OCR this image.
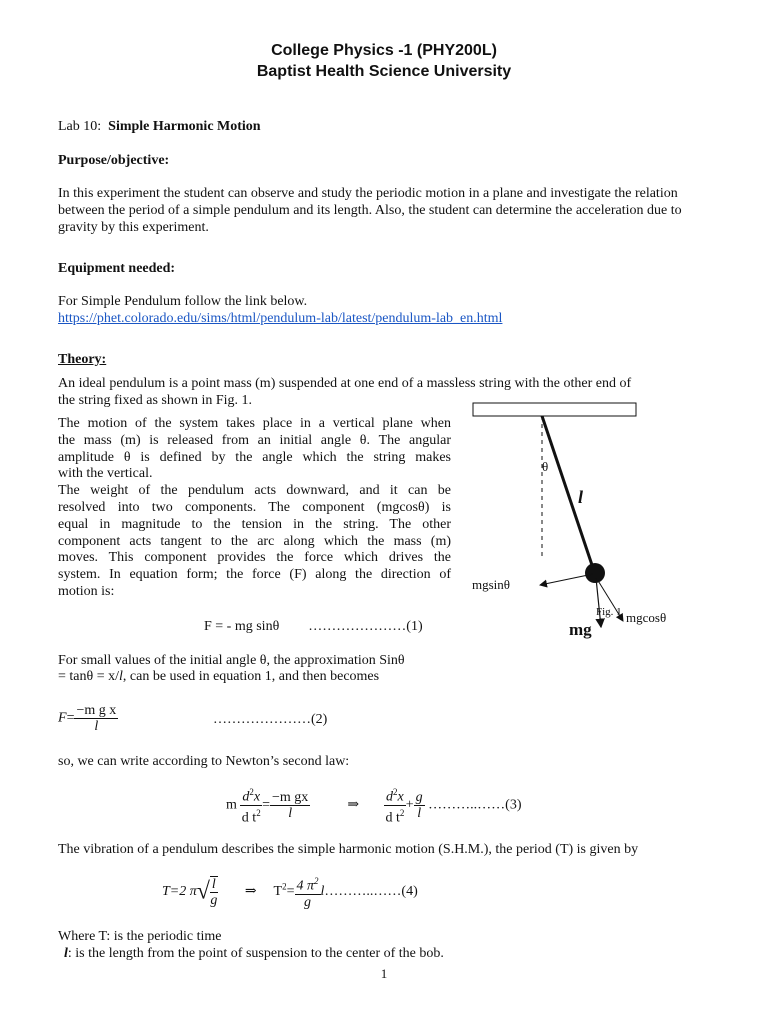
College Physics -1 (PHY200L)
Baptist Health Science University
Lab 10: Simple Harmonic Motion
Purpose/objective:
In this experiment the student can observe and study the periodic motion in a plane and investigate the relation between the period of a simple pendulum and its length. Also, the student can determine the acceleration due to gravity by this experiment.
Equipment needed:
For Simple Pendulum follow the link below.
https://phet.colorado.edu/sims/html/pendulum-lab/latest/pendulum-lab_en.html
Theory:
An ideal pendulum is a point mass (m) suspended at one end of a massless string with the other end of
the string fixed as shown in Fig. 1.
The motion of the system takes place in a vertical plane when
the mass (m) is released from an initial angle θ. The angular
amplitude θ is defined by the angle which the string makes
with the vertical.
The weight of the pendulum acts downward, and it can be
resolved into two components. The component (mgcosθ) is
equal in magnitude to the tension in the string. The other
component acts tangent to the arc along which the mass (m)
moves. This component provides the force which drives the
system. In equation form; the force (F) along the direction of
motion is:
F = - mg sinθ …………………(1)
For small values of the initial angle θ, the approximation Sinθ
= tanθ = x/l, can be used in equation 1, and then becomes
$F= \frac{\text{−m g x}}{l}$	…………………(2)
so, we can write according to Newton’s second law:
m $\frac{d^2x}{d t^2} = \frac{\text{−m gx}}{l}$	⇒ $\frac{d^2x}{d t^2} + \frac{g}{l}$ ………..……(3)
The vibration of a pendulum describes the simple harmonic motion (S.H.M.), the period (T) is given by
T=2 $\pi√ \frac{l}{g}$ ⇒ $T^2= \frac{4 \pi^2}{g}$ l………..……(4)
Where T: is the periodic time
l: is the length from the point of suspension to the center of the bob.
1
θ
l
mgsinθ
Fig. 1 mgcosθ
mg
